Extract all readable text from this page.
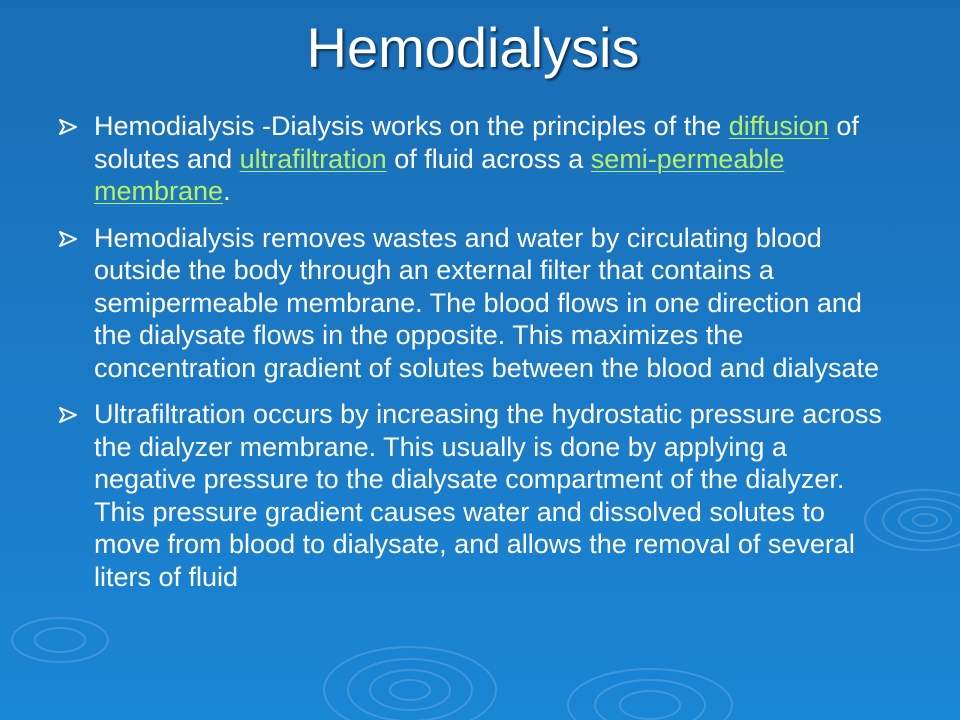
Hemodialysis
Hemodialysis -Dialysis works on the principles of the diffusion of solutes and ultrafiltration of fluid across a semi-permeable membrane.
Hemodialysis removes wastes and water by circulating blood outside the body through an external filter that contains a semipermeable membrane. The blood flows in one direction and the dialysate flows in the opposite. This maximizes the concentration gradient of solutes between the blood and dialysate
Ultrafiltration occurs by increasing the hydrostatic pressure across the dialyzer membrane. This usually is done by applying a negative pressure to the dialysate compartment of the dialyzer. This pressure gradient causes water and dissolved solutes to move from blood to dialysate, and allows the removal of several liters of fluid
